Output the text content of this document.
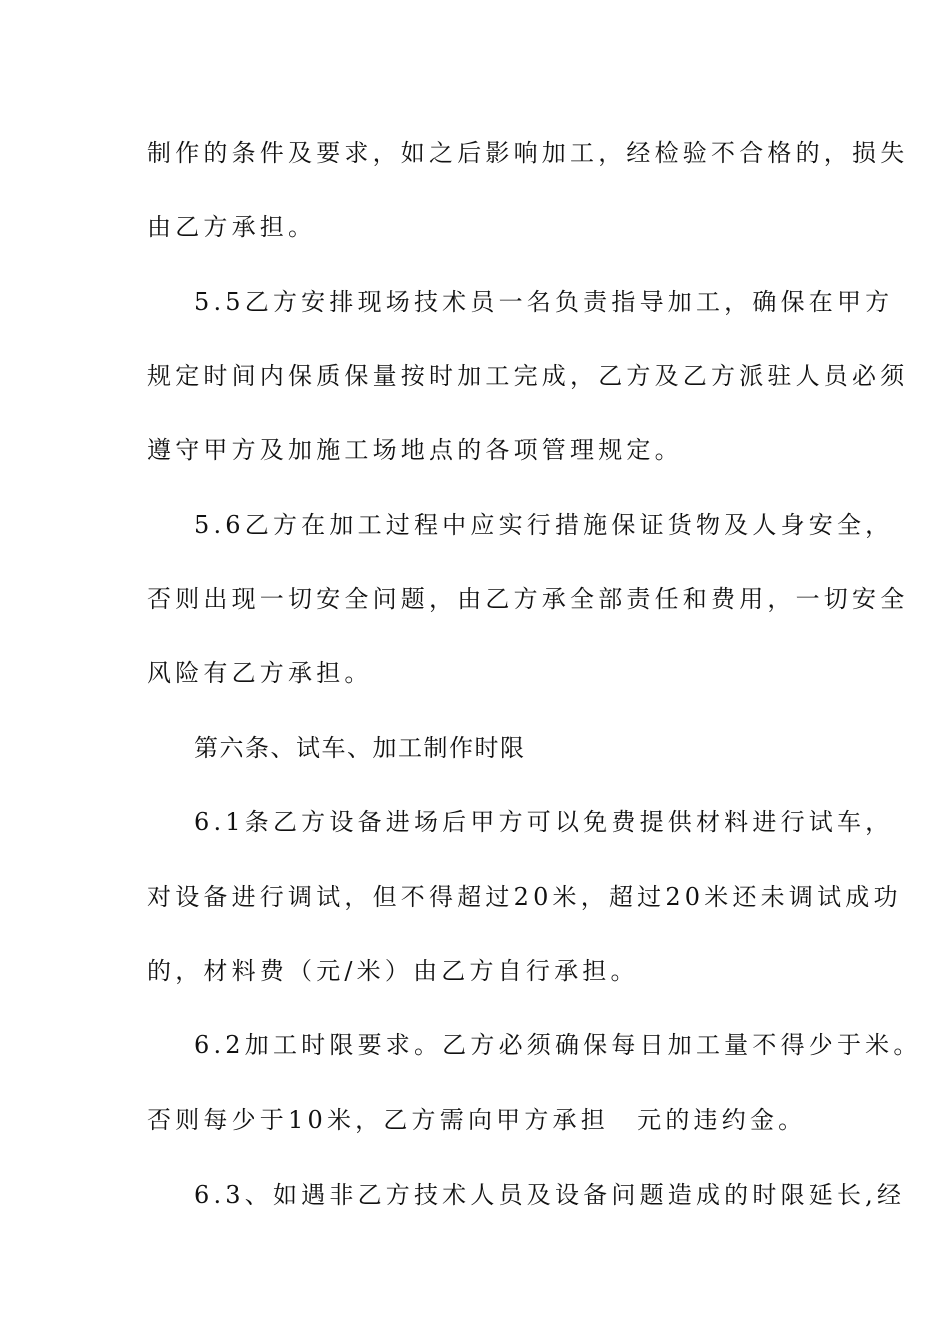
制作的条件及要求，如之后影响加工，经检验不合格的，损失
由乙方承担。
5.5乙方安排现场技术员一名负责指导加工，确保在甲方
规定时间内保质保量按时加工完成，乙方及乙方派驻人员必须
遵守甲方及加施工场地点的各项管理规定。
5.6乙方在加工过程中应实行措施保证货物及人身安全，
否则出现一切安全问题，由乙方承全部责任和费用，一切安全
风险有乙方承担。
第六条、试车、加工制作时限
6.1条乙方设备进场后甲方可以免费提供材料进行试车，
对设备进行调试，但不得超过20米，超过20米还未调试成功
的，材料费（元/米）由乙方自行承担。
6.2加工时限要求。乙方必须确保每日加工量不得少于米。
否则每少于10米，乙方需向甲方承担　元的违约金。
6.3、如遇非乙方技术人员及设备问题造成的时限延长,经
